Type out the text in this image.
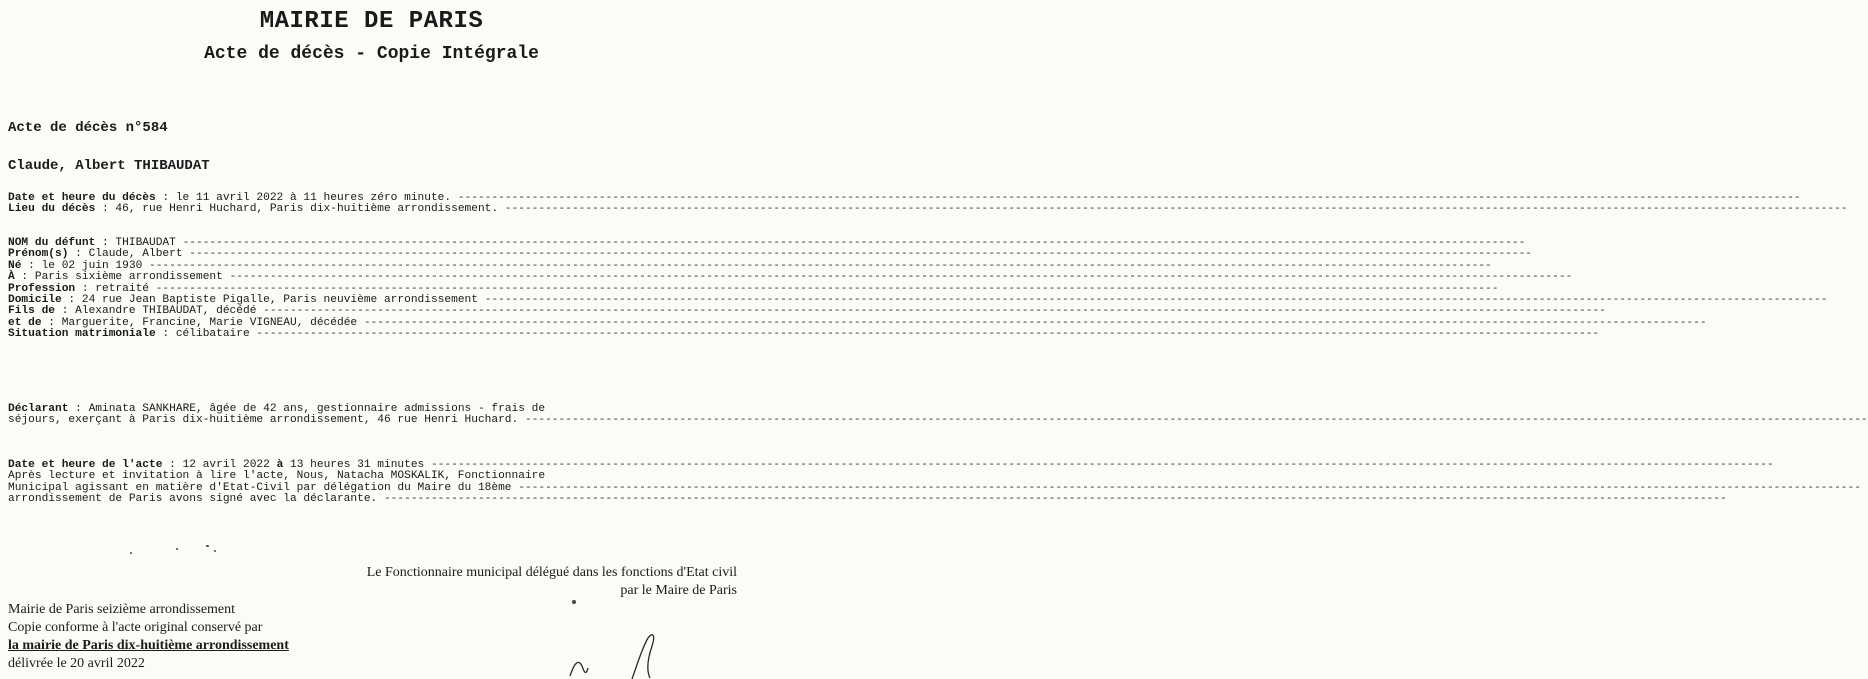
MAIRIE DE PARIS
Acte de décès - Copie Intégrale
Acte de décès n°584
Claude, Albert THIBAUDAT
Date et heure du décès : le 11 avril 2022 à 11 heures zéro minute. --------------------------------------------------------------------------------------------------------------------------------------------------------------------------------------------------------
Lieu du décès : 46, rue Henri Huchard, Paris dix-huitième arrondissement. --------------------------------------------------------------------------------------------------------------------------------------------------------------------------------------------------------
NOM du défunt : THIBAUDAT --------------------------------------------------------------------------------------------------------------------------------------------------------------------------------------------------------
Prénom(s) : Claude, Albert --------------------------------------------------------------------------------------------------------------------------------------------------------------------------------------------------------
Né : le 02 juin 1930 --------------------------------------------------------------------------------------------------------------------------------------------------------------------------------------------------------
À : Paris sixième arrondissement --------------------------------------------------------------------------------------------------------------------------------------------------------------------------------------------------------
Profession : retraité --------------------------------------------------------------------------------------------------------------------------------------------------------------------------------------------------------
Domicile : 24 rue Jean Baptiste Pigalle, Paris neuvième arrondissement --------------------------------------------------------------------------------------------------------------------------------------------------------------------------------------------------------
Fils de : Alexandre THIBAUDAT, décédé --------------------------------------------------------------------------------------------------------------------------------------------------------------------------------------------------------
et de : Marguerite, Francine, Marie VIGNEAU, décédée --------------------------------------------------------------------------------------------------------------------------------------------------------------------------------------------------------
Situation matrimoniale : célibataire --------------------------------------------------------------------------------------------------------------------------------------------------------------------------------------------------------
Déclarant : Aminata SANKHARE, âgée de 42 ans, gestionnaire admissions - frais de
séjours, exerçant à Paris dix-huitième arrondissement, 46 rue Henri Huchard. --------------------------------------------------------------------------------------------------------------------------------------------------------------------------------------------------------
Date et heure de l'acte : 12 avril 2022 à 13 heures 31 minutes --------------------------------------------------------------------------------------------------------------------------------------------------------------------------------------------------------
Après lecture et invitation à lire l'acte, Nous, Natacha MOSKALIK, Fonctionnaire
Municipal agissant en matière d'Etat-Civil par délégation du Maire du 18ème --------------------------------------------------------------------------------------------------------------------------------------------------------------------------------------------------------
arrondissement de Paris avons signé avec la déclarante. --------------------------------------------------------------------------------------------------------------------------------------------------------------------------------------------------------
Le Fonctionnaire municipal délégué dans les fonctions d'Etat civil
par le Maire de Paris
Mairie de Paris seizième arrondissement
Copie conforme à l'acte original conservé par
la mairie de Paris dix-huitième arrondissement
délivrée le 20 avril 2022
